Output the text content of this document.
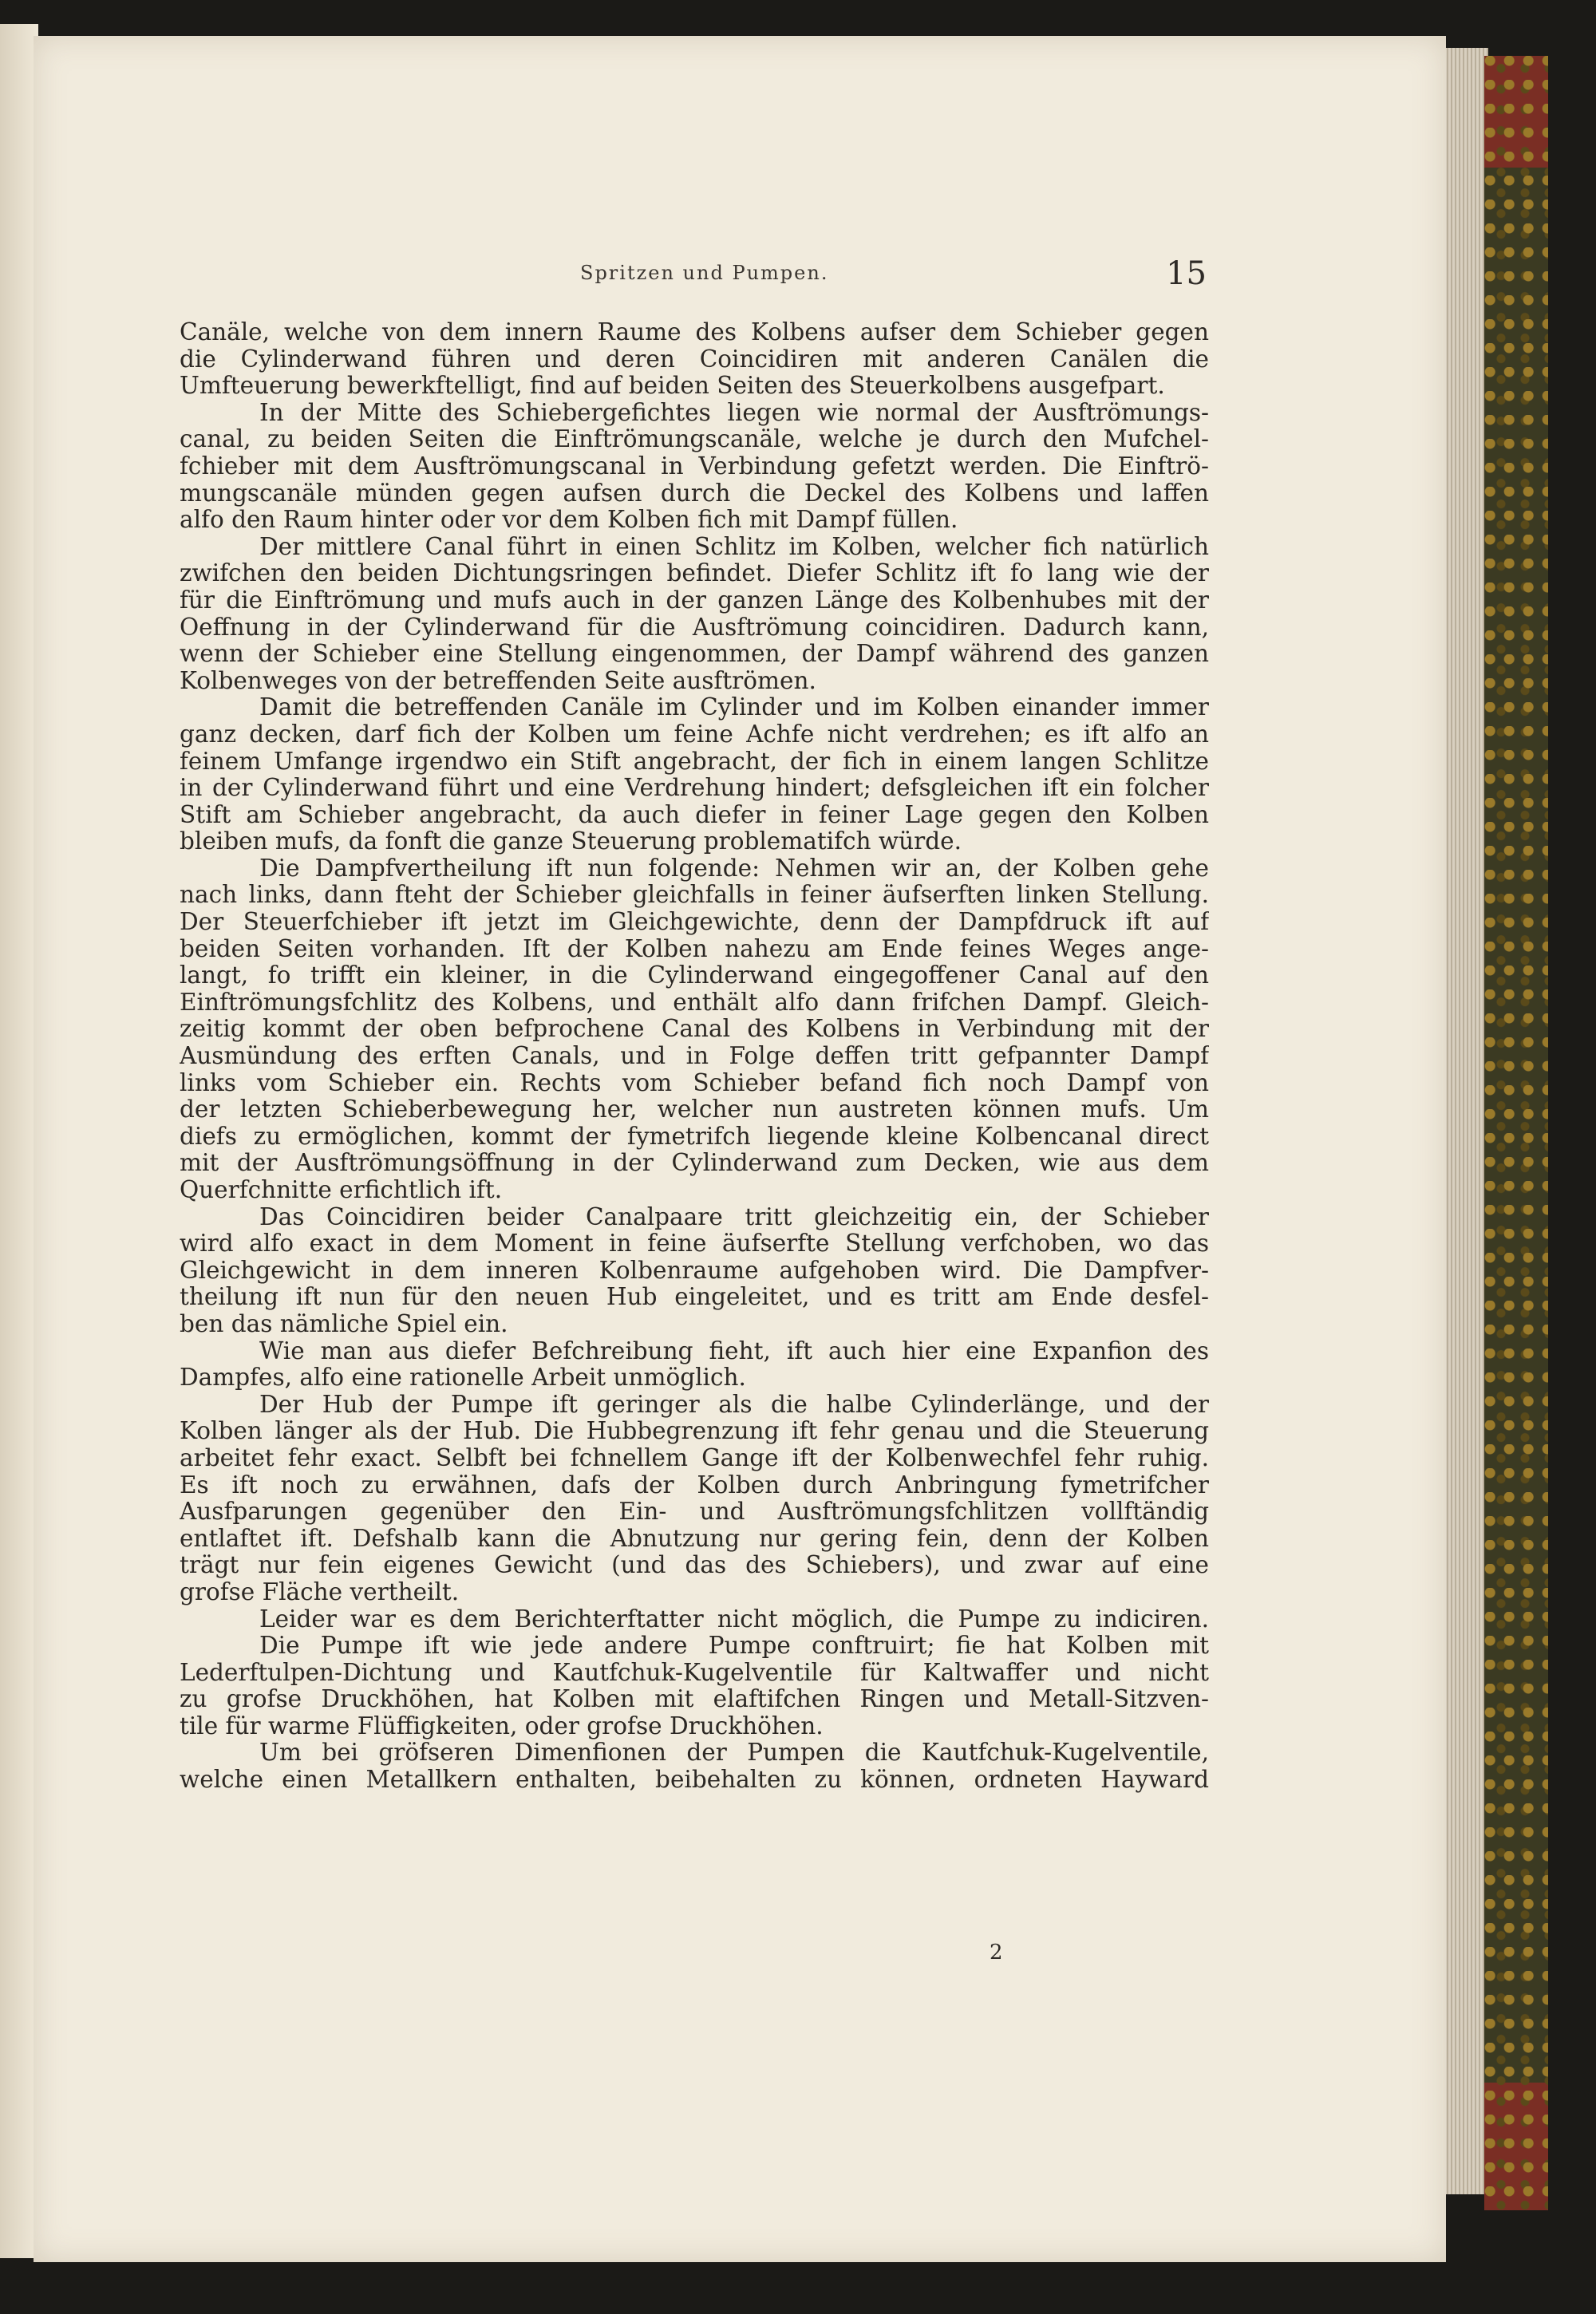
Spritzen und Pumpen.	15
Canäle, welche von dem innern Raume des Kolbens aufser dem Schieber gegen
die Cylinderwand führen und deren Coincidiren mit anderen Canälen die
Umfteuerung bewerkftelligt, find auf beiden Seiten des Steuerkolbens ausgefpart.
In der Mitte des Schiebergefichtes liegen wie normal der Ausftrömungs-
canal, zu beiden Seiten die Einftrömungscanäle, welche je durch den Mufchel-
fchieber mit dem Ausftrömungscanal in Verbindung gefetzt werden. Die Einftrö-
mungscanäle münden gegen aufsen durch die Deckel des Kolbens und laffen
alfo den Raum hinter oder vor dem Kolben fich mit Dampf füllen.
Der mittlere Canal führt in einen Schlitz im Kolben, welcher fich natürlich
zwifchen den beiden Dichtungsringen befindet. Diefer Schlitz ift fo lang wie der
für die Einftrömung und mufs auch in der ganzen Länge des Kolbenhubes mit der
Oeffnung in der Cylinderwand für die Ausftrömung coincidiren. Dadurch kann,
wenn der Schieber eine Stellung eingenommen, der Dampf während des ganzen
Kolbenweges von der betreffenden Seite ausftrömen.
Damit die betreffenden Canäle im Cylinder und im Kolben einander immer
ganz decken, darf fich der Kolben um feine Achfe nicht verdrehen; es ift alfo an
feinem Umfange irgendwo ein Stift angebracht, der fich in einem langen Schlitze
in der Cylinderwand führt und eine Verdrehung hindert; defsgleichen ift ein folcher
Stift am Schieber angebracht, da auch diefer in feiner Lage gegen den Kolben
bleiben mufs, da fonft die ganze Steuerung problematifch würde.
Die Dampfvertheilung ift nun folgende: Nehmen wir an, der Kolben gehe
nach links, dann fteht der Schieber gleichfalls in feiner äufserften linken Stellung.
Der Steuerfchieber ift jetzt im Gleichgewichte, denn der Dampfdruck ift auf
beiden Seiten vorhanden. Ift der Kolben nahezu am Ende feines Weges ange-
langt, fo trifft ein kleiner, in die Cylinderwand eingegoffener Canal auf den
Einftrömungsfchlitz des Kolbens, und enthält alfo dann frifchen Dampf. Gleich-
zeitig kommt der oben befprochene Canal des Kolbens in Verbindung mit der
Ausmündung des erften Canals, und in Folge deffen tritt gefpannter Dampf
links vom Schieber ein. Rechts vom Schieber befand fich noch Dampf von
der letzten Schieberbewegung her, welcher nun austreten können mufs. Um
diefs zu ermöglichen, kommt der fymetrifch liegende kleine Kolbencanal direct
mit der Ausftrömungsöffnung in der Cylinderwand zum Decken, wie aus dem
Querfchnitte erfichtlich ift.
Das Coincidiren beider Canalpaare tritt gleichzeitig ein, der Schieber
wird alfo exact in dem Moment in feine äufserfte Stellung verfchoben, wo das
Gleichgewicht in dem inneren Kolbenraume aufgehoben wird. Die Dampfver-
theilung ift nun für den neuen Hub eingeleitet, und es tritt am Ende desfel-
ben das nämliche Spiel ein.
Wie man aus diefer Befchreibung fieht, ift auch hier eine Expanfion des
Dampfes, alfo eine rationelle Arbeit unmöglich.
Der Hub der Pumpe ift geringer als die halbe Cylinderlänge, und der
Kolben länger als der Hub. Die Hubbegrenzung ift fehr genau und die Steuerung
arbeitet fehr exact. Selbft bei fchnellem Gange ift der Kolbenwechfel fehr ruhig.
Es ift noch zu erwähnen, dafs der Kolben durch Anbringung fymetrifcher
Ausfparungen gegenüber den Ein- und Ausftrömungsfchlitzen vollftändig
entlaftet ift. Defshalb kann die Abnutzung nur gering fein, denn der Kolben
trägt nur fein eigenes Gewicht (und das des Schiebers), und zwar auf eine
grofse Fläche vertheilt.
Leider war es dem Berichterftatter nicht möglich, die Pumpe zu indiciren.
Die Pumpe ift wie jede andere Pumpe conftruirt; fie hat Kolben mit
Lederftulpen-Dichtung und Kautfchuk-Kugelventile für Kaltwaffer und nicht
zu grofse Druckhöhen, hat Kolben mit elaftifchen Ringen und Metall-Sitzven-
tile für warme Flüffigkeiten, oder grofse Druckhöhen.
Um bei gröfseren Dimenfionen der Pumpen die Kautfchuk-Kugelventile,
welche einen Metallkern enthalten, beibehalten zu können, ordneten Hayward
2
